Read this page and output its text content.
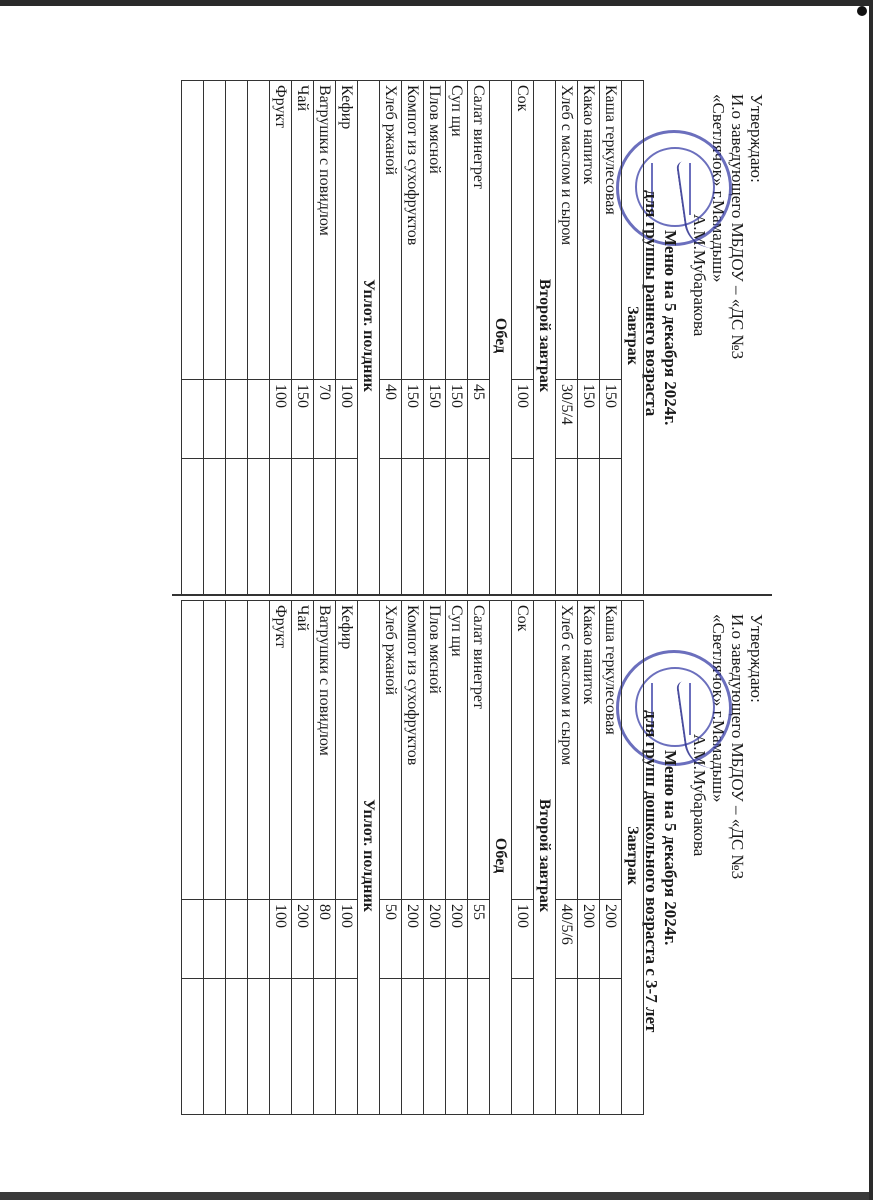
Утверждаю:
И.о заведующего МБДОУ – «ДС №3
«Светлячок» г.Мамадыш»
А.М.Мубаракова
Меню на 5 декабря 2024г.
для группы раннего возраста
Завтрак		
Каша геркулесовая	150	
Какао напиток	150	
Хлеб с маслом и сыром	30/5/4	
Второй завтрак		
Сок	100	
Обед		
Салат винегрет	45	
Суп щи	150	
Плов мясной	150	
Компот из сухофруктов	150	
Хлеб ржаной	40	
Уплот. полдник		
Кефир	100	
Ватрушки с повидлом	70	
Чай	150	
Фрукт	100	

Утверждаю:
И.о заведующего МБДОУ – «ДС №3
«Светлячок» г.Мамадыш»
А.М.Мубаракова
Меню на 5 декабря 2024г.
для групп дошкольного возраста с 3-7 лет
Завтрак		
Каша геркулесовая	200	
Какао напиток	200	
Хлеб с маслом и сыром	40/5/6	
Второй завтрак		
Сок	100	
Обед		
Салат винегрет	55	
Суп щи	200	
Плов мясной	200	
Компот из сухофруктов	200	
Хлеб ржаной	50	
Уплот. полдник		
Кефир	100	
Ватрушки с повидлом	80	
Чай	200	
Фрукт	100	
